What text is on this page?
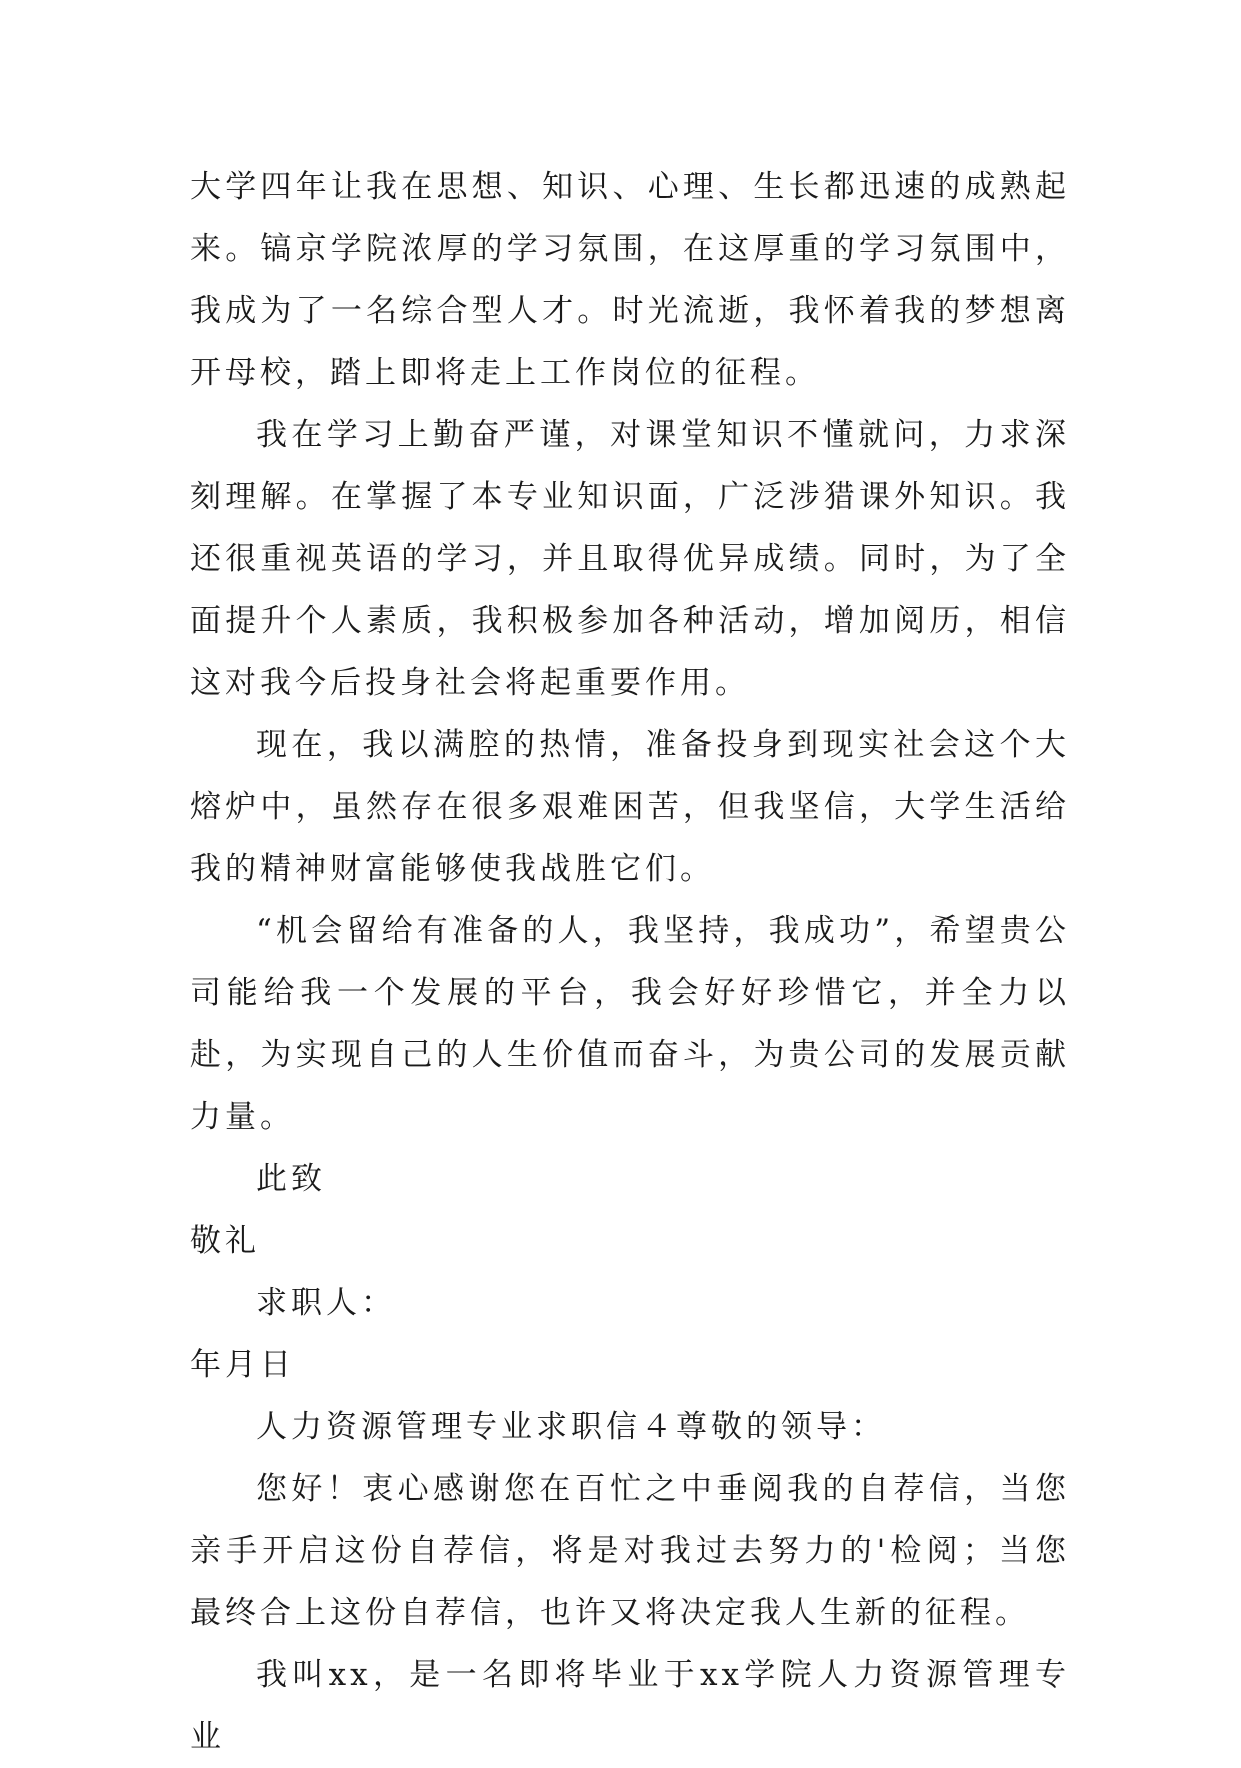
大学四年让我在思想、知识、心理、生长都迅速的成熟起来。镐京学院浓厚的学习氛围，在这厚重的学习氛围中，我成为了一名综合型人才。时光流逝，我怀着我的梦想离开母校，踏上即将走上工作岗位的征程。

我在学习上勤奋严谨，对课堂知识不懂就问，力求深刻理解。在掌握了本专业知识面，广泛涉猎课外知识。我还很重视英语的学习，并且取得优异成绩。同时，为了全面提升个人素质，我积极参加各种活动，增加阅历，相信这对我今后投身社会将起重要作用。

现在，我以满腔的热情，准备投身到现实社会这个大熔炉中，虽然存在很多艰难困苦，但我坚信，大学生活给我的精神财富能够使我战胜它们。

“机会留给有准备的人，我坚持，我成功”，希望贵公司能给我一个发展的平台，我会好好珍惜它，并全力以赴，为实现自己的人生价值而奋斗，为贵公司的发展贡献力量。

此致

敬礼

求职人：

年月日

人力资源管理专业求职信４尊敬的领导：

您好！衷心感谢您在百忙之中垂阅我的自荐信，当您亲手开启这份自荐信，将是对我过去努力的'检阅；当您最终合上这份自荐信，也许又将决定我人生新的征程。

我叫xx，是一名即将毕业于xx学院人力资源管理专业
